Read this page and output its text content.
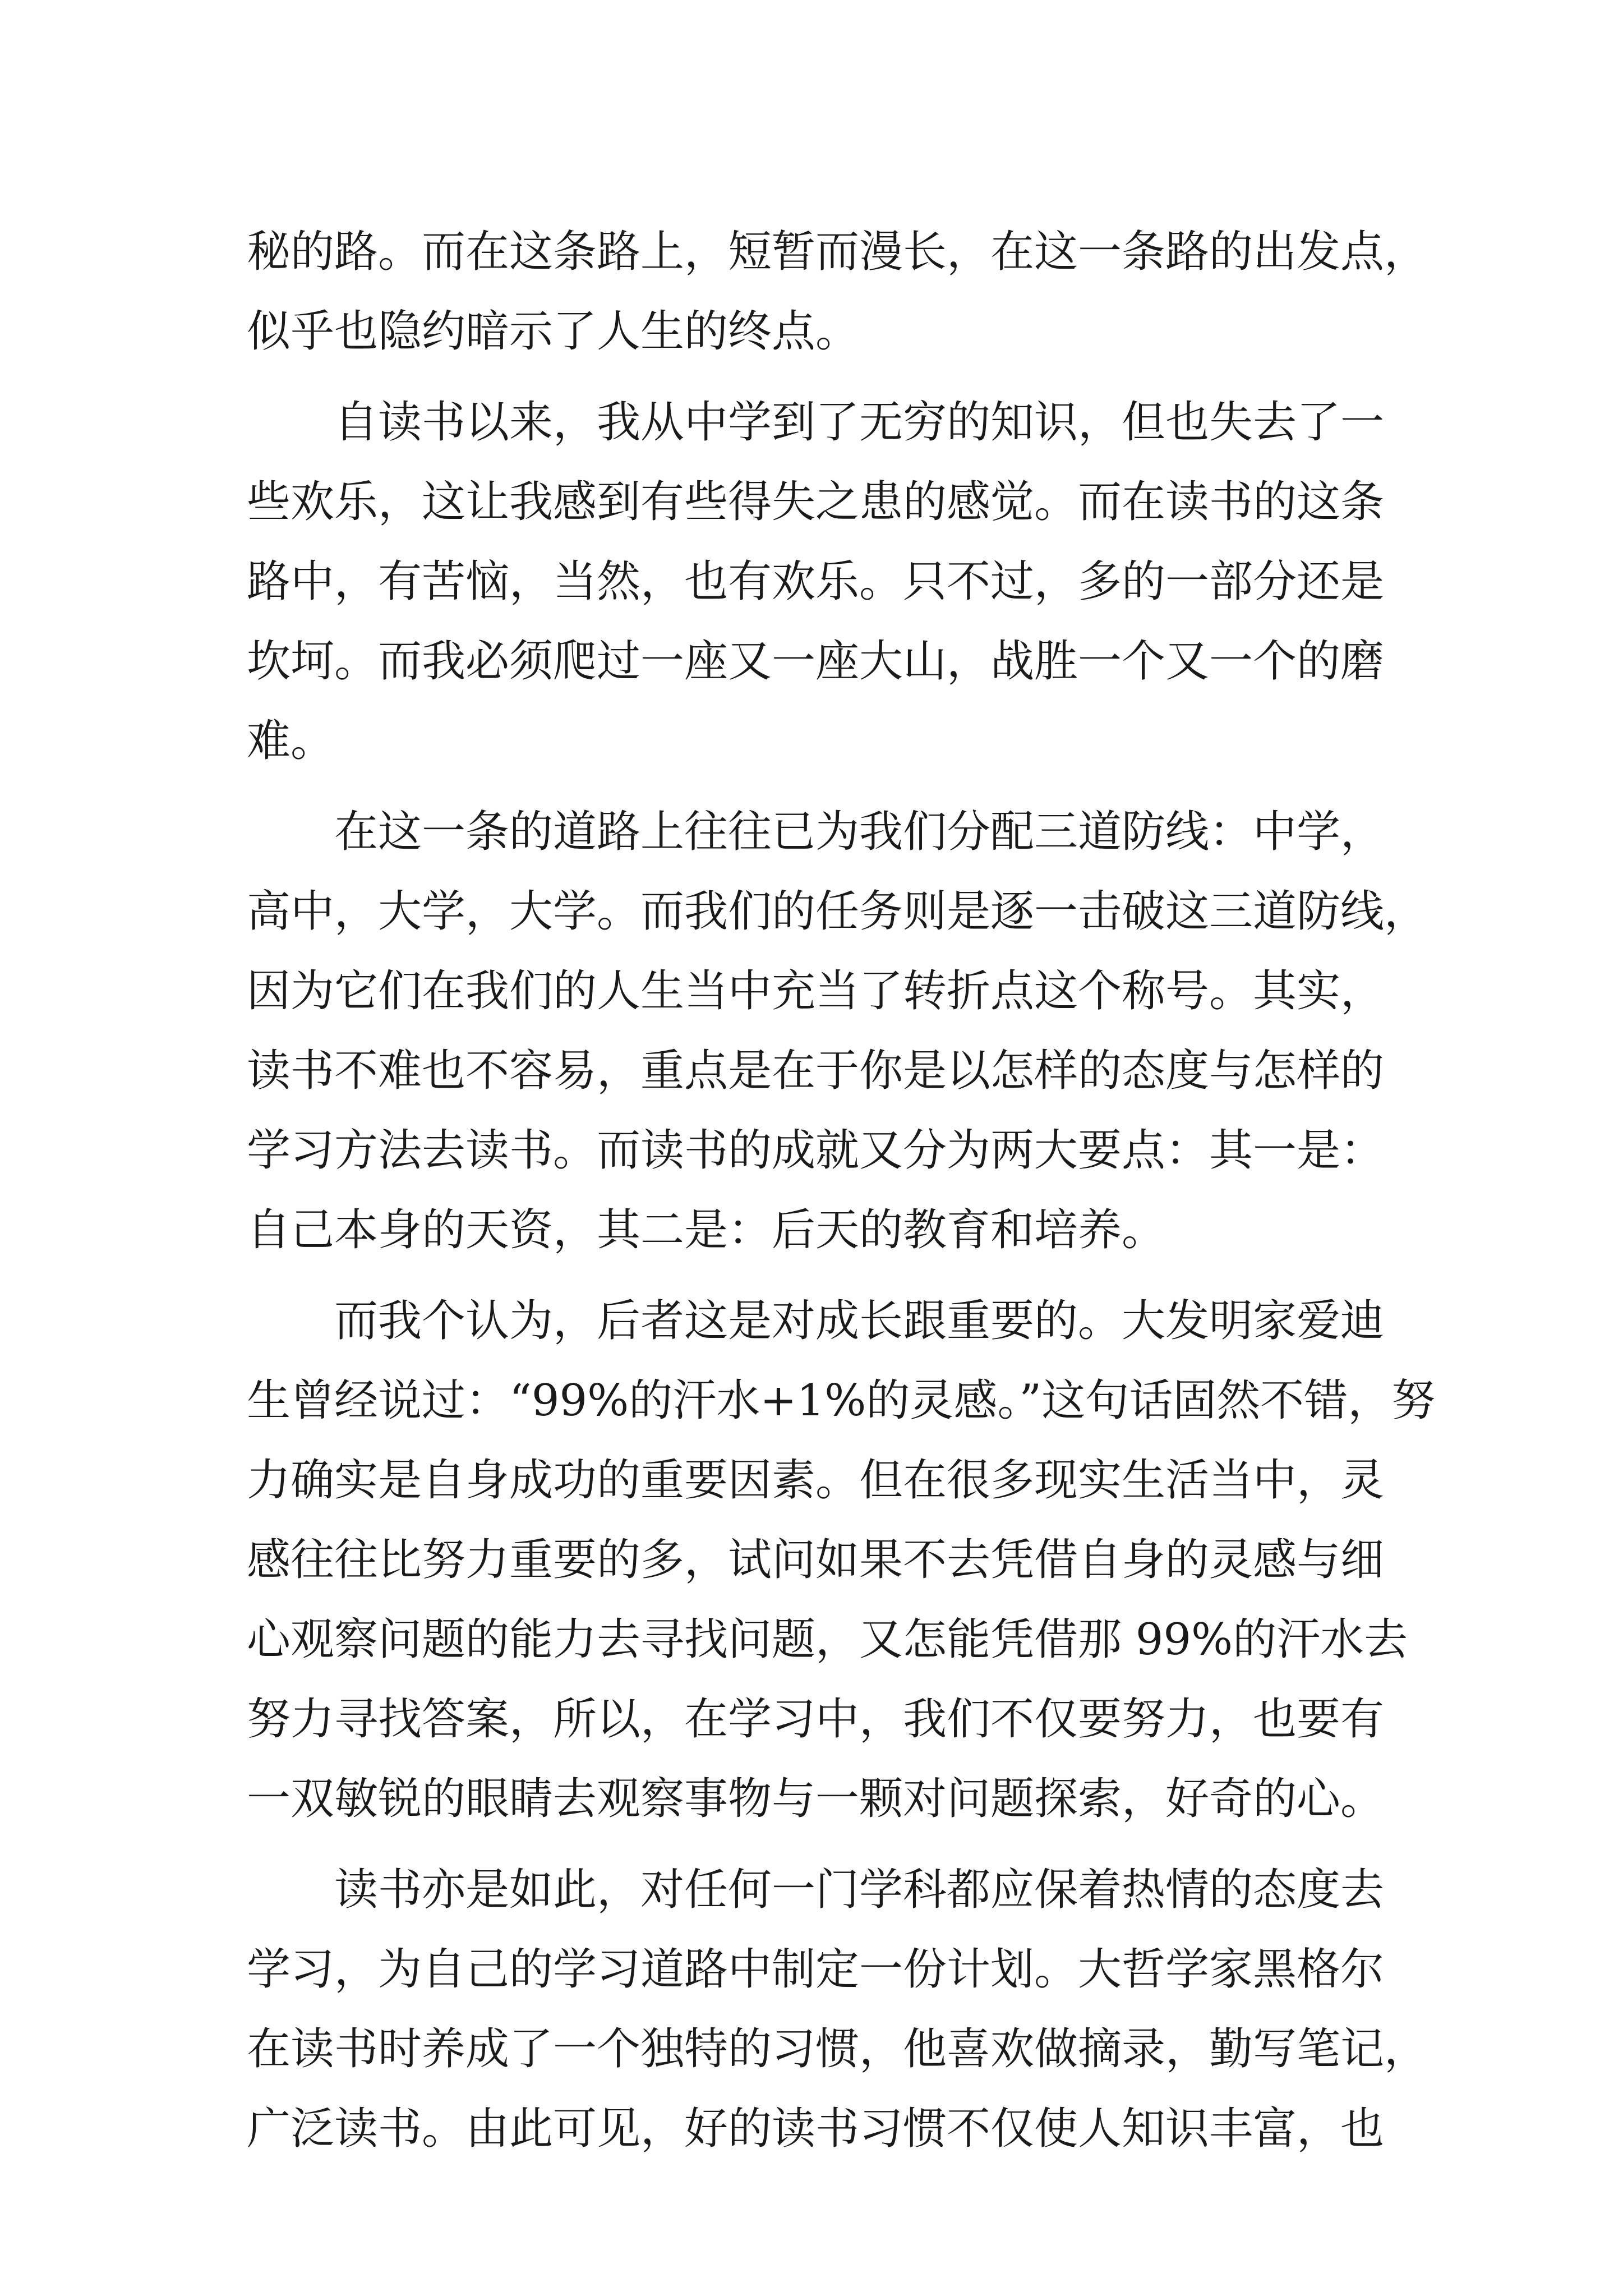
秘的路。而在这条路上，短暂而漫长，在这一条路的出发点，
似乎也隐约暗示了人生的终点。
　　自读书以来，我从中学到了无穷的知识，但也失去了一
些欢乐，这让我感到有些得失之患的感觉。而在读书的这条
路中，有苦恼，当然，也有欢乐。只不过，多的一部分还是
坎坷。而我必须爬过一座又一座大山，战胜一个又一个的磨
难。
　　在这一条的道路上往往已为我们分配三道防线：中学，
高中，大学，大学。而我们的任务则是逐一击破这三道防线，
因为它们在我们的人生当中充当了转折点这个称号。其实，
读书不难也不容易，重点是在于你是以怎样的态度与怎样的
学习方法去读书。而读书的成就又分为两大要点：其一是：
自己本身的天资，其二是：后天的教育和培养。
　　而我个认为，后者这是对成长跟重要的。大发明家爱迪
生曾经说过：“99%的汗水+1%的灵感。”这句话固然不错，努
力确实是自身成功的重要因素。但在很多现实生活当中，灵
感往往比努力重要的多，试问如果不去凭借自身的灵感与细
心观察问题的能力去寻找问题，又怎能凭借那 99%的汗水去
努力寻找答案，所以，在学习中，我们不仅要努力，也要有
一双敏锐的眼睛去观察事物与一颗对问题探索，好奇的心。
　　读书亦是如此，对任何一门学科都应保着热情的态度去
学习，为自己的学习道路中制定一份计划。大哲学家黑格尔
在读书时养成了一个独特的习惯，他喜欢做摘录，勤写笔记，
广泛读书。由此可见，好的读书习惯不仅使人知识丰富，也
